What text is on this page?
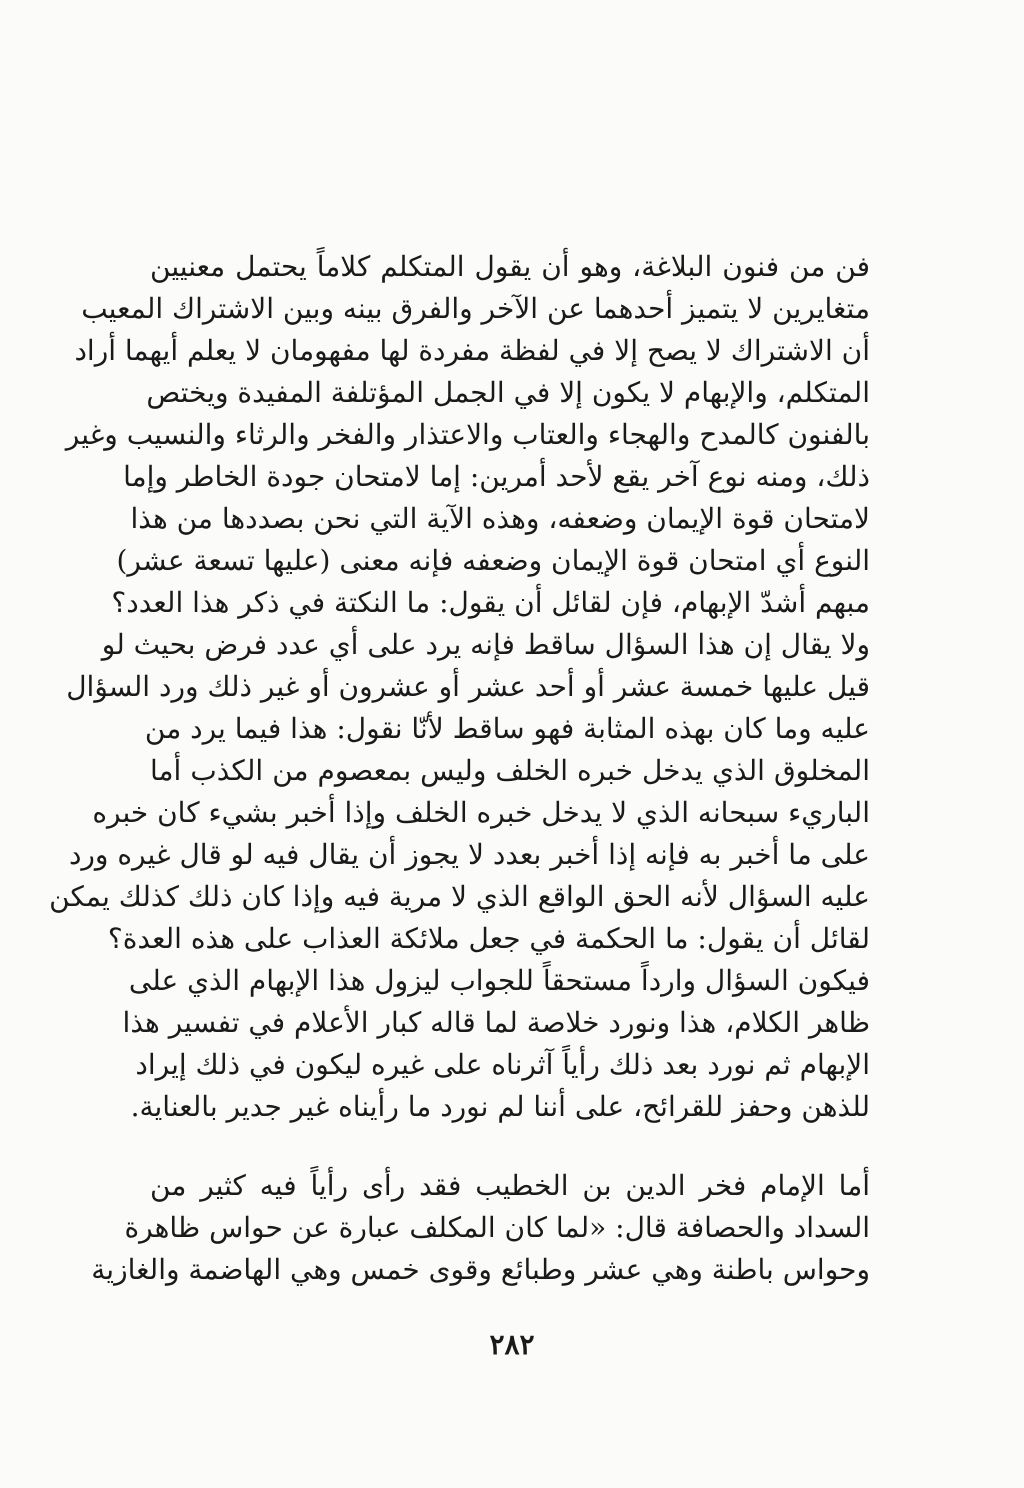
فن من فنون البلاغة، وهو أن يقول المتكلم كلاماً يحتمل معنيين
متغايرين لا يتميز أحدهما عن الآخر والفرق بينه وبين الاشتراك المعيب
أن الاشتراك لا يصح إلا في لفظة مفردة لها مفهومان لا يعلم أيهما أراد
المتكلم، والإبهام لا يكون إلا في الجمل المؤتلفة المفيدة ويختص
بالفنون كالمدح والهجاء والعتاب والاعتذار والفخر والرثاء والنسيب وغير
ذلك، ومنه نوع آخر يقع لأحد أمرين: إما لامتحان جودة الخاطر وإما
لامتحان قوة الإيمان وضعفه، وهذه الآية التي نحن بصددها من هذا
النوع أي امتحان قوة الإيمان وضعفه فإنه معنى (عليها تسعة عشر)
مبهم أشدّ الإبهام، فإن لقائل أن يقول: ما النكتة في ذكر هذا العدد؟
ولا يقال إن هذا السؤال ساقط فإنه يرد على أي عدد فرض بحيث لو
قيل عليها خمسة عشر أو أحد عشر أو عشرون أو غير ذلك ورد السؤال
عليه وما كان بهذه المثابة فهو ساقط لأنّا نقول: هذا فيما يرد من
المخلوق الذي يدخل خبره الخلف وليس بمعصوم من الكذب أما
الباريء سبحانه الذي لا يدخل خبره الخلف وإذا أخبر بشيء كان خبره
على ما أخبر به فإنه إذا أخبر بعدد لا يجوز أن يقال فيه لو قال غيره ورد
عليه السؤال لأنه الحق الواقع الذي لا مرية فيه وإذا كان ذلك كذلك يمكن
لقائل أن يقول: ما الحكمة في جعل ملائكة العذاب على هذه العدة؟
فيكون السؤال وارداً مستحقاً للجواب ليزول هذا الإبهام الذي على
ظاهر الكلام، هذا ونورد خلاصة لما قاله كبار الأعلام في تفسير هذا
الإبهام ثم نورد بعد ذلك رأياً آثرناه على غيره ليكون في ذلك إيراد
للذهن وحفز للقرائح، على أننا لم نورد ما رأيناه غير جدير بالعناية.
أما الإمام فخر الدين بن الخطيب فقد رأى رأياً فيه كثير من
السداد والحصافة قال: «لما كان المكلف عبارة عن حواس ظاهرة
وحواس باطنة وهي عشر وطبائع وقوى خمس وهي الهاضمة والغازية
٢٨٢
